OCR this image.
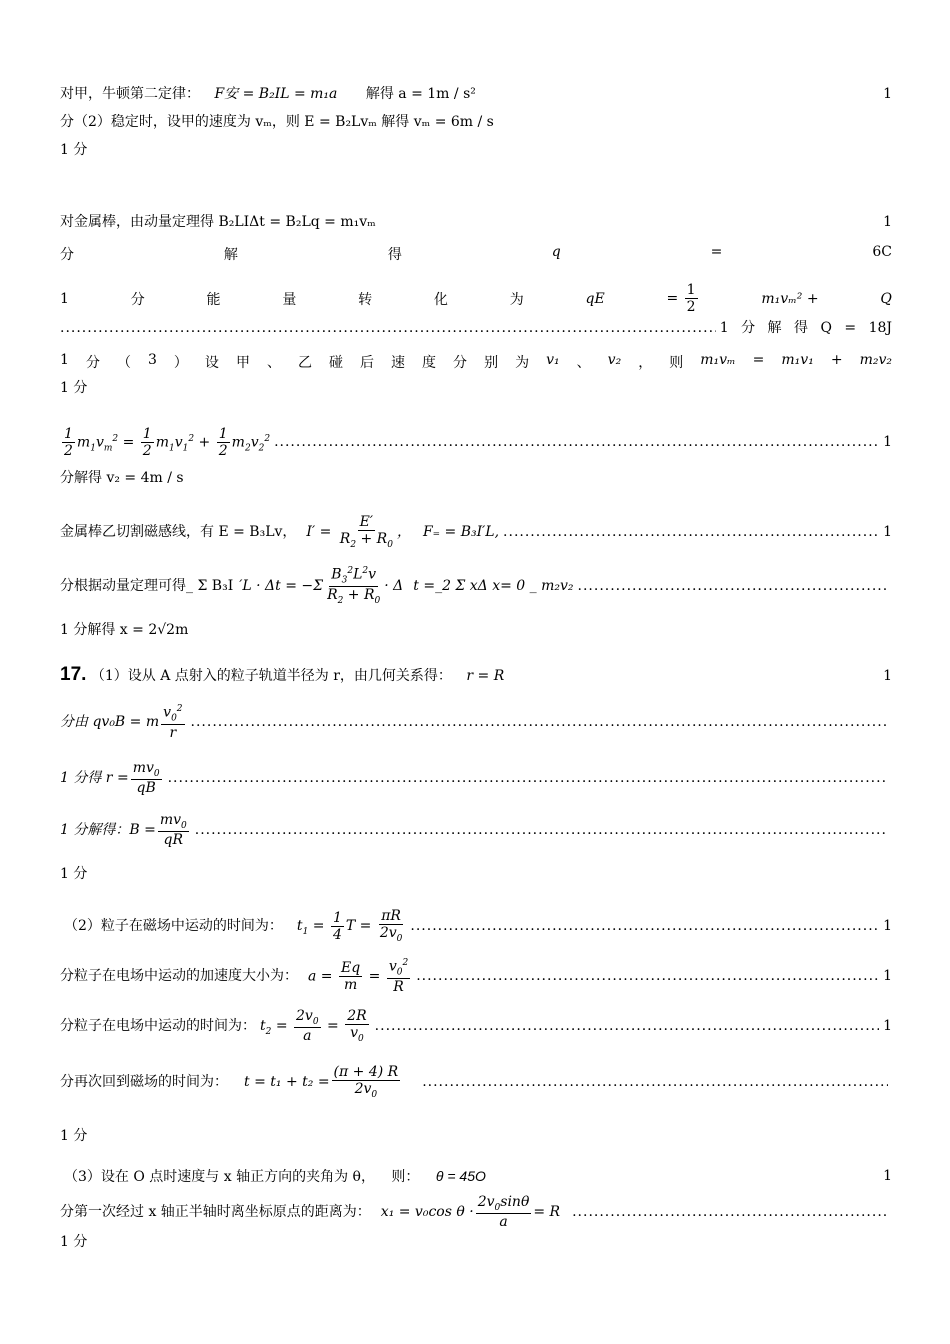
对甲，牛顿第二定律： F安 = B₂IL = m₁a 解得 a = 1m / s²	1
分（2）稳定时，设甲的速度为 vₘ，则 E = B₂Lvₘ 解得 vₘ = 6m / s
1 分
对金属棒，由动量定理得 B₂LIΔt = B₂Lq = m₁vₘ	1
分	解	得	q	=	6C
1	分	能	量	转	化	为	qE	= $\frac{1}{2}$	m₁vₘ² +	Q
.....
1 分 解 得 Q = 18J
1 分 （ 3 ） 设 甲 、 乙 碰 后 速 度 分 别 为 v₁ 、 v₂ ， 则 m₁vₘ = m₁v₁ + m₂v₂
1 分
$\frac{1}{2} m_1v_m^2 = \frac{1}{2} m_1v_1^2 + \frac{1}{2} m_2v_2^2$ .....	1
分解得 v₂ = 4m / s
金属棒乙切割磁感线，有 E = B₃Lv， $I' = \frac{E'}{R_2 + R_0}$ ， F₌ = B₃I′L, .....	1
分根据动量定理可得_ Σ B₃I $'L \cdot \Delta t = -\Sigma \frac{B_3^2L^2v}{R_2 + R_0} \cdot \Delta$ t =_2 Σ xΔ x= 0 _ m₂v₂
.....
1 分解得 x = 2√2m
17. （1）设从 A 点射入的粒子轨道半径为 r，由几何关系得： r = R	1
分由 qv₀B = m $\frac{v_0^2}{r}$
.....
1 分得 $r = \frac{mv_0}{qB}$
.....
1 分解得：$B = \frac{mv_0}{qR}$
.....
1 分
（2）粒子在磁场中运动的时间为： $t_1 = \frac{1}{4}$ $T = \frac{\pi R}{2v_0}$ .....	1
分粒子在电场中运动的加速度大小为： $a = \frac{Eq}{m} = \frac{v_0^2}{R}$ .....	1
分粒子在电场中运动的时间为： $t_2 = \frac{2v_0}{a} = \frac{2R}{v_0}$ .....	1
分再次回到磁场的时间为： $t = t_1 + t_2 = \frac{(\pi + 4) R}{2v_0}$
.....
1 分
（3）设在 O 点时速度与 x 轴正方向的夹角为 θ， 则： θ = 45O	1
分第一次经过 x 轴正半轴时离坐标原点的距离为： x₁ = v₀cos $\theta \cdot \frac{2v_0\sin\theta}{a} = R$
.....
1 分
